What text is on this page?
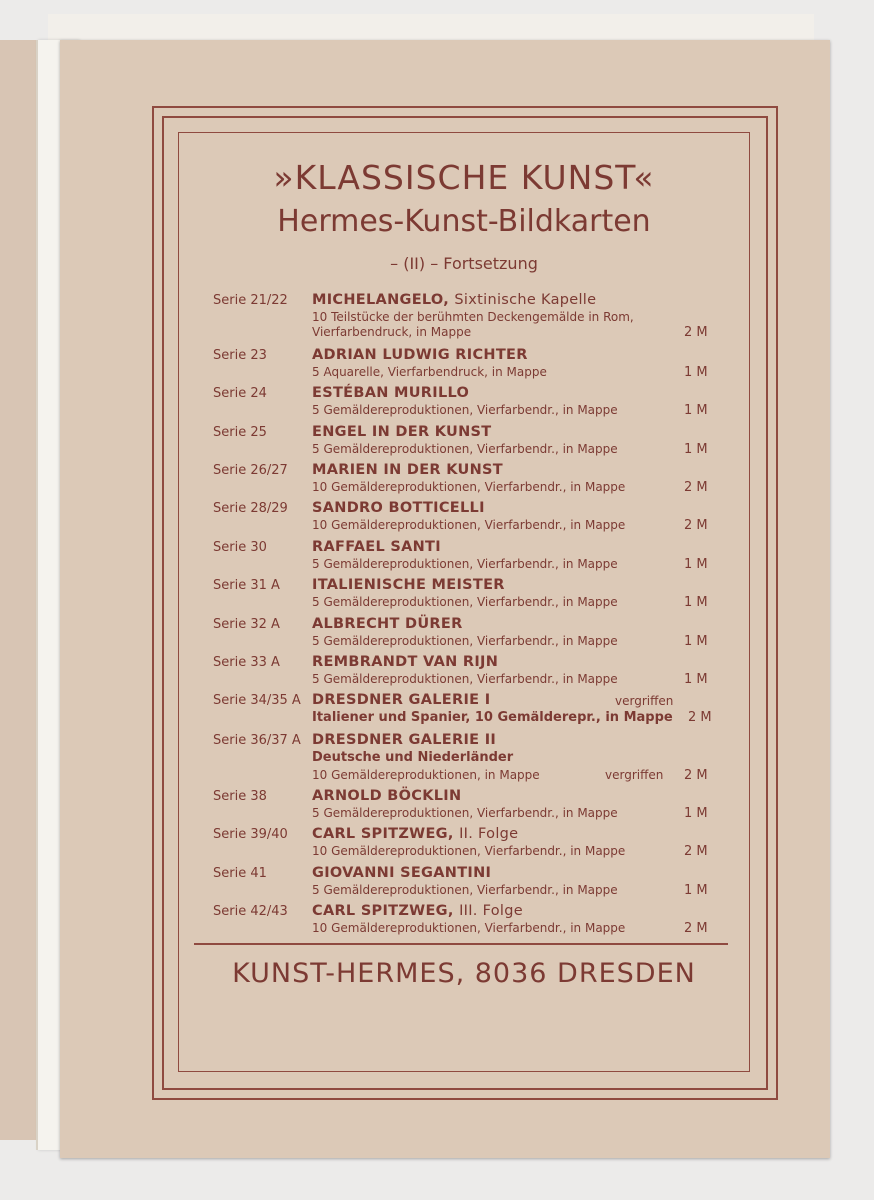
»KLASSISCHE KUNST«
Hermes-Kunst-Bildkarten
– (II) – Fortsetzung
Serie 21/22 MICHELANGELO, Sixtinische Kapelle
10 Teilstücke der berühmten Deckengemälde in Rom,
Vierfarbendruck, in Mappe	2 M
Serie 23	ADRIAN LUDWIG RICHTER
5 Aquarelle, Vierfarbendruck, in Mappe	1 M
Serie 24	ESTÉBAN MURILLO
5 Gemäldereproduktionen, Vierfarbendr., in Mappe	1 M
Serie 25	ENGEL IN DER KUNST
5 Gemäldereproduktionen, Vierfarbendr., in Mappe	1 M
Serie 26/27 MARIEN IN DER KUNST
10 Gemäldereproduktionen, Vierfarbendr., in Mappe	2 M
Serie 28/29 SANDRO BOTTICELLI
10 Gemäldereproduktionen, Vierfarbendr., in Mappe	2 M
Serie 30	RAFFAEL SANTI
5 Gemäldereproduktionen, Vierfarbendr., in Mappe	1 M
Serie 31 A ITALIENISCHE MEISTER
5 Gemäldereproduktionen, Vierfarbendr., in Mappe	1 M
Serie 32 A ALBRECHT DÜRER
5 Gemäldereproduktionen, Vierfarbendr., in Mappe	1 M
Serie 33 A REMBRANDT VAN RIJN
5 Gemäldereproduktionen, Vierfarbendr., in Mappe	1 M
Serie 34/35 A DRESDNER GALERIE I	vergriffen
Italiener und Spanier, 10 Gemälderepr., in Mappe 2 M
Serie 36/37 A DRESDNER GALERIE II
Deutsche und Niederländer
10 Gemäldereproduktionen, in Mappe	vergriffen 2 M
Serie 38	ARNOLD BÖCKLIN
5 Gemäldereproduktionen, Vierfarbendr., in Mappe	1 M
Serie 39/40 CARL SPITZWEG, II. Folge
10 Gemäldereproduktionen, Vierfarbendr., in Mappe	2 M
Serie 41	GIOVANNI SEGANTINI
5 Gemäldereproduktionen, Vierfarbendr., in Mappe	1 M
Serie 42/43 CARL SPITZWEG, III. Folge
10 Gemäldereproduktionen, Vierfarbendr., in Mappe	2 M
KUNST-HERMES, 8036 DRESDEN
